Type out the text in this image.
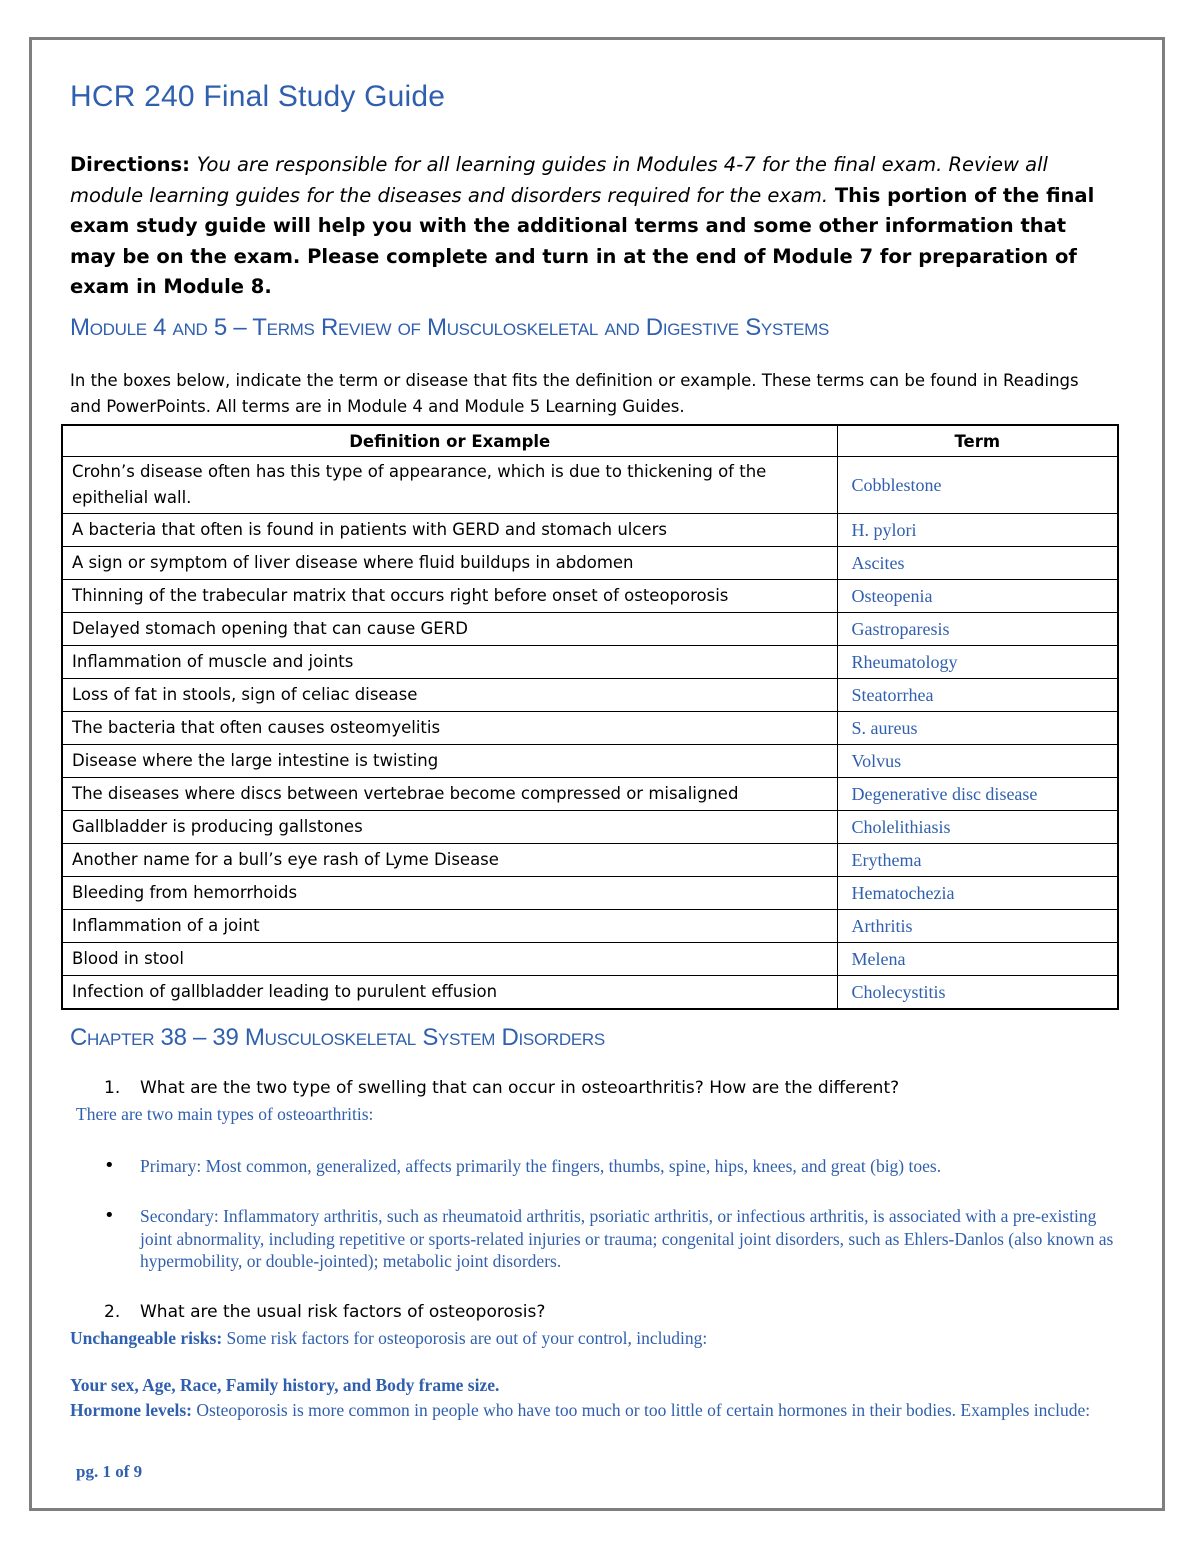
HCR 240 Final Study Guide
Directions: You are responsible for all learning guides in Modules 4-7 for the final exam. Review all module learning guides for the diseases and disorders required for the exam. This portion of the final exam study guide will help you with the additional terms and some other information that may be on the exam. Please complete and turn in at the end of Module 7 for preparation of exam in Module 8.
Module 4 and 5 – Terms Review of Musculoskeletal and Digestive Systems
In the boxes below, indicate the term or disease that fits the definition or example. These terms can be found in Readings and PowerPoints. All terms are in Module 4 and Module 5 Learning Guides.
Definition or Example	Term
Crohn’s disease often has this type of appearance, which is due to thickening of the epithelial wall.	Cobblestone
A bacteria that often is found in patients with GERD and stomach ulcers	H. pylori
A sign or symptom of liver disease where fluid buildups in abdomen	Ascites
Thinning of the trabecular matrix that occurs right before onset of osteoporosis	Osteopenia
Delayed stomach opening that can cause GERD	Gastroparesis
Inflammation of muscle and joints	Rheumatology
Loss of fat in stools, sign of celiac disease	Steatorrhea
The bacteria that often causes osteomyelitis	S. aureus
Disease where the large intestine is twisting	Volvus
The diseases where discs between vertebrae become compressed or misaligned	Degenerative disc disease
Gallbladder is producing gallstones	Cholelithiasis
Another name for a bull’s eye rash of Lyme Disease	Erythema
Bleeding from hemorrhoids	Hematochezia
Inflammation of a joint	Arthritis
Blood in stool	Melena
Infection of gallbladder leading to purulent effusion	Cholecystitis
Chapter 38 – 39 Musculoskeletal System Disorders
1. What are the two type of swelling that can occur in osteoarthritis? How are the different?
There are two main types of osteoarthritis:
• Primary: Most common, generalized, affects primarily the fingers, thumbs, spine, hips, knees, and great (big) toes.
• Secondary: Inflammatory arthritis, such as rheumatoid arthritis, psoriatic arthritis, or infectious arthritis, is associated with a pre-existing joint abnormality, including repetitive or sports-related injuries or trauma; congenital joint disorders, such as Ehlers-Danlos (also known as hypermobility, or double-jointed); metabolic joint disorders.
2. What are the usual risk factors of osteoporosis?
Unchangeable risks: Some risk factors for osteoporosis are out of your control, including:
Your sex, Age, Race, Family history, and Body frame size.
Hormone levels: Osteoporosis is more common in people who have too much or too little of certain hormones in their bodies. Examples include:
pg. 1 of 9
